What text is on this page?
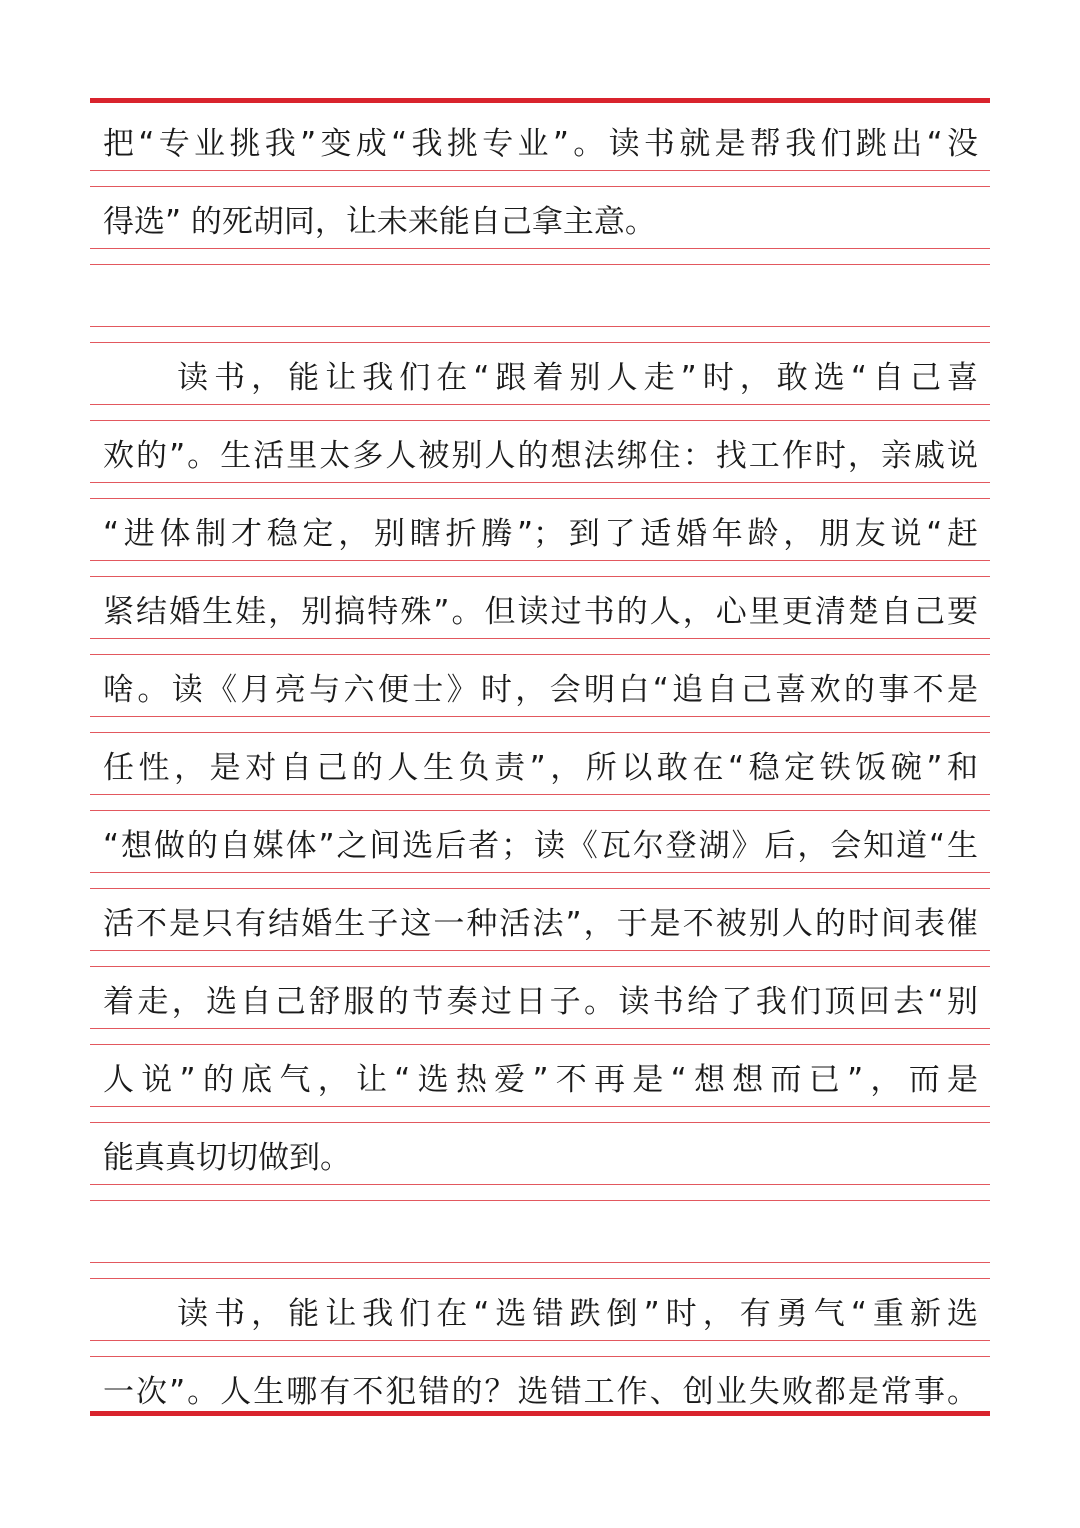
把“专业挑我”变成“我挑专业”。读书就是帮我们跳出“没
得选” 的死胡同，让未来能自己拿主意。
　　读书，能让我们在“跟着别人走”时，敢选“自己喜
欢的”。生活里太多人被别人的想法绑住：找工作时，亲戚说
“进体制才稳定，别瞎折腾”；到了适婚年龄，朋友说“赶
紧结婚生娃，别搞特殊”。但读过书的人，心里更清楚自己要
啥。读《月亮与六便士》时，会明白“追自己喜欢的事不是
任性，是对自己的人生负责”，所以敢在“稳定铁饭碗”和
“想做的自媒体”之间选后者；读《瓦尔登湖》后，会知道“生
活不是只有结婚生子这一种活法”，于是不被别人的时间表催
着走，选自己舒服的节奏过日子。读书给了我们顶回去“别
人说”的底气，让“选热爱”不再是“想想而已”，而是
能真真切切做到。
　　读书，能让我们在“选错跌倒”时，有勇气“重新选
一次”。人生哪有不犯错的？选错工作、创业失败都是常事。
